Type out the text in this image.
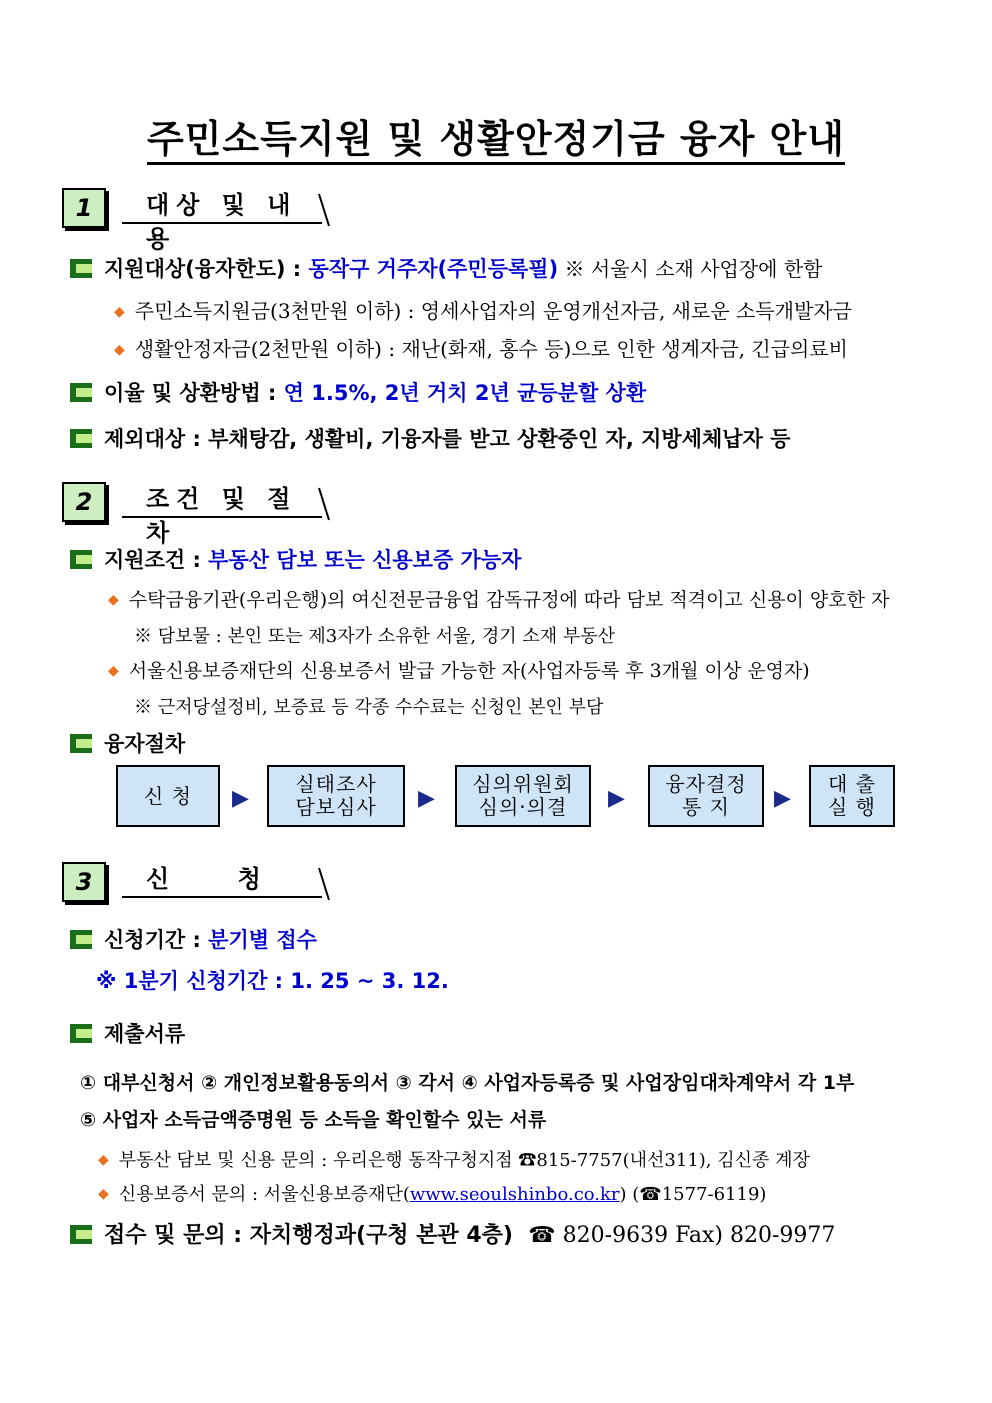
주민소득지원 및 생활안정기금 융자 안내
1	대상 및 내용
지원대상(융자한도) : 동작구 거주자(주민등록필) ※ 서울시 소재 사업장에 한함
◆ 주민소득지원금(3천만원 이하) : 영세사업자의 운영개선자금, 새로운 소득개발자금
◆ 생활안정자금(2천만원 이하) : 재난(화재, 홍수 등)으로 인한 생계자금, 긴급의료비
이율 및 상환방법 : 연 1.5%, 2년 거치 2년 균등분할 상환
제외대상 : 부채탕감, 생활비, 기융자를 받고 상환중인 자, 지방세체납자 등
2	조건 및 절차
지원조건 : 부동산 담보 또는 신용보증 가능자
◆ 수탁금융기관(우리은행)의 여신전문금융업 감독규정에 따라 담보 적격이고 신용이 양호한 자
※ 담보물 : 본인 또는 제3자가 소유한 서울, 경기 소재 부동산
◆ 서울신용보증재단의 신용보증서 발급 가능한 자(사업자등록 후 3개월 이상 운영자)
※ 근저당설정비, 보증료 등 각종 수수료는 신청인 본인 부담
융자절차
신 청	▶
실태조사
담보심사	▶
심의위원회
심의·의결	▶
융자결정
통 지	▶
대 출
실 행
3	신    청
신청기간 : 분기별 접수
※ 1분기 신청기간 : 1. 25 ~ 3. 12.
제출서류
① 대부신청서 ② 개인정보활용동의서 ③ 각서 ④ 사업자등록증 및 사업장임대차계약서 각 1부
⑤ 사업자 소득금액증명원 등 소득을 확인할수 있는 서류
◆ 부동산 담보 및 신용 문의 : 우리은행 동작구청지점 ☎815-7757(내선311), 김신종 계장
◆ 신용보증서 문의 : 서울신용보증재단(www.seoulshinbo.co.kr) (☎1577-6119)
접수 및 문의 : 자치행정과(구청 본관 4층) ☎ 820-9639 Fax) 820-9977
